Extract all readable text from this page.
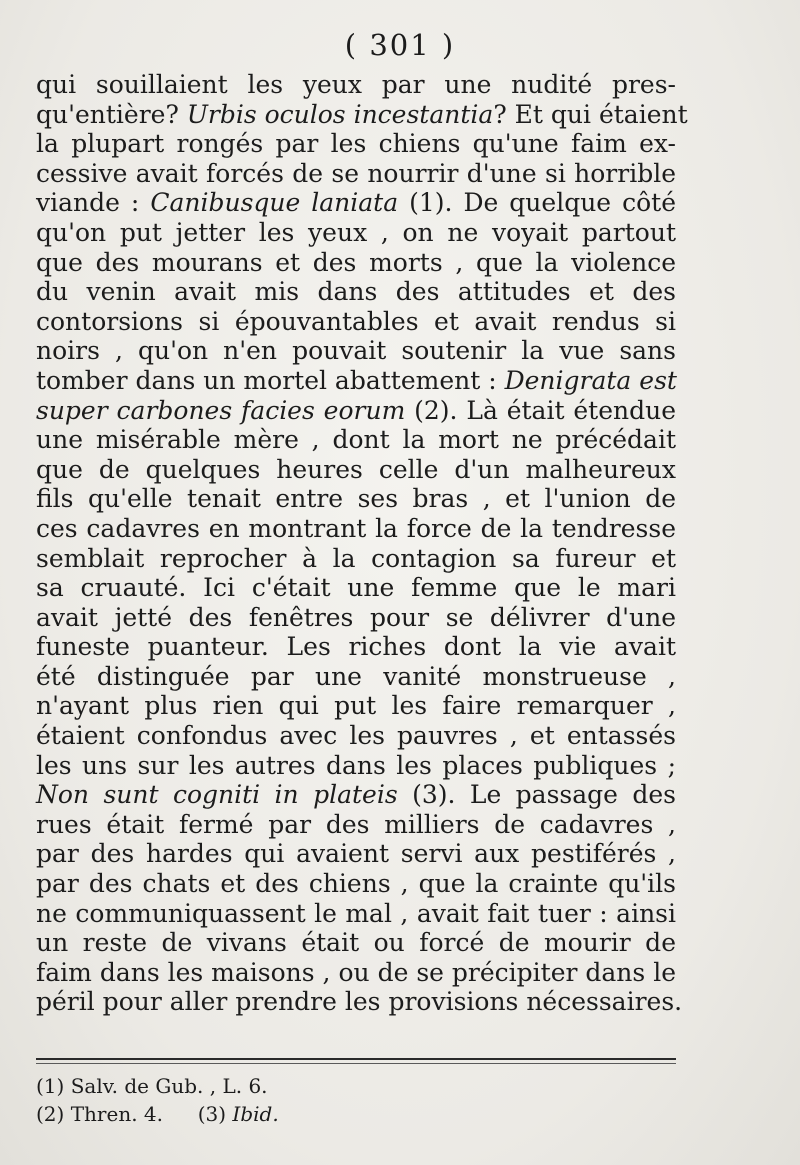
( 301 )
qui souillaient les yeux par une nudité pres-
qu'entière? Urbis oculos incestantia? Et qui étaient
la plupart rongés par les chiens qu'une faim ex-
cessive avait forcés de se nourrir d'une si horrible
viande : Canibusque laniata (1). De quelque côté
qu'on put jetter les yeux , on ne voyait partout
que des mourans et des morts , que la violence
du venin avait mis dans des attitudes et des
contorsions si épouvantables et avait rendus si
noirs , qu'on n'en pouvait soutenir la vue sans
tomber dans un mortel abattement : Denigrata est
super carbones facies eorum (2). Là était étendue
une misérable mère , dont la mort ne précédait
que de quelques heures celle d'un malheureux
fils qu'elle tenait entre ses bras , et l'union de
ces cadavres en montrant la force de la tendresse
semblait reprocher à la contagion sa fureur et
sa cruauté. Ici c'était une femme que le mari
avait jetté des fenêtres pour se délivrer d'une
funeste puanteur. Les riches dont la vie avait
été distinguée par une vanité monstrueuse ,
n'ayant plus rien qui put les faire remarquer ,
étaient confondus avec les pauvres , et entassés
les uns sur les autres dans les places publiques ;
Non sunt cogniti in plateis (3). Le passage des
rues était fermé par des milliers de cadavres ,
par des hardes qui avaient servi aux pestiférés ,
par des chats et des chiens , que la crainte qu'ils
ne communiquassent le mal , avait fait tuer : ainsi
un reste de vivans était ou forcé de mourir de
faim dans les maisons , ou de se précipiter dans le
péril pour aller prendre les provisions nécessaires.
(1) Salv. de Gub. , L. 6.
(2) Thren. 4. (3) Ibid.
